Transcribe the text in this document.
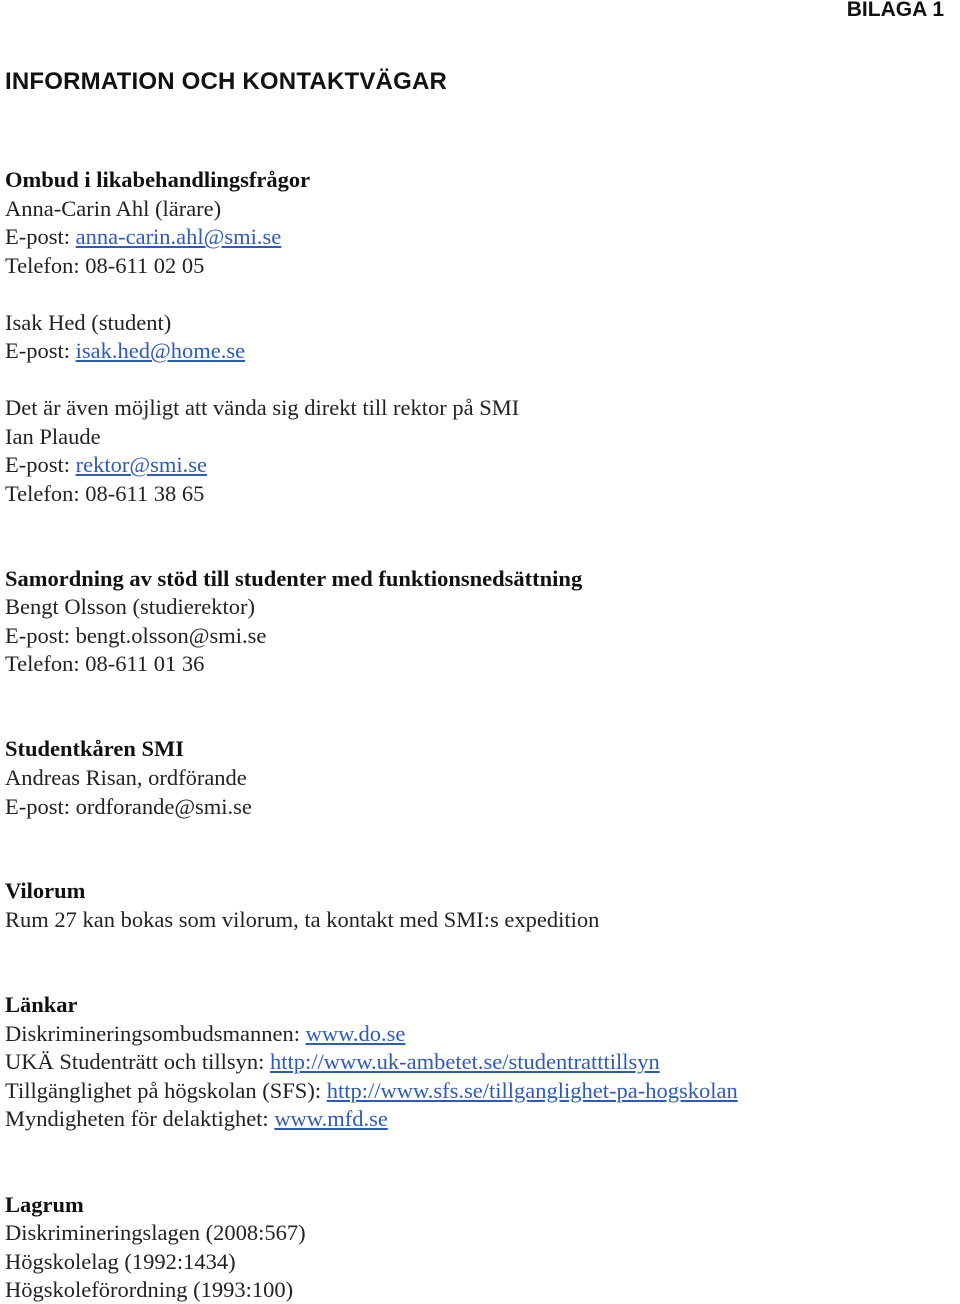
BILAGA 1
INFORMATION OCH KONTAKTVÄGAR
Ombud i likabehandlingsfrågor
Anna-Carin Ahl (lärare)
E-post: anna-carin.ahl@smi.se
Telefon: 08-611 02 05
Isak Hed (student)
E-post: isak.hed@home.se
Det är även möjligt att vända sig direkt till rektor på SMI
Ian Plaude
E-post: rektor@smi.se
Telefon: 08-611 38 65
Samordning av stöd till studenter med funktionsnedsättning
Bengt Olsson (studierektor)
E-post: bengt.olsson@smi.se
Telefon: 08-611 01 36
Studentkåren SMI
Andreas Risan, ordförande
E-post: ordforande@smi.se
Vilorum
Rum 27 kan bokas som vilorum, ta kontakt med SMI:s expedition
Länkar
Diskrimineringsombudsmannen: www.do.se
UKÄ Studenträtt och tillsyn: http://www.uk-ambetet.se/studentratttillsyn
Tillgänglighet på högskolan (SFS): http://www.sfs.se/tillganglighet-pa-hogskolan
Myndigheten för delaktighet: www.mfd.se
Lagrum
Diskrimineringslagen (2008:567)
Högskolelag (1992:1434)
Högskoleförordning (1993:100)
